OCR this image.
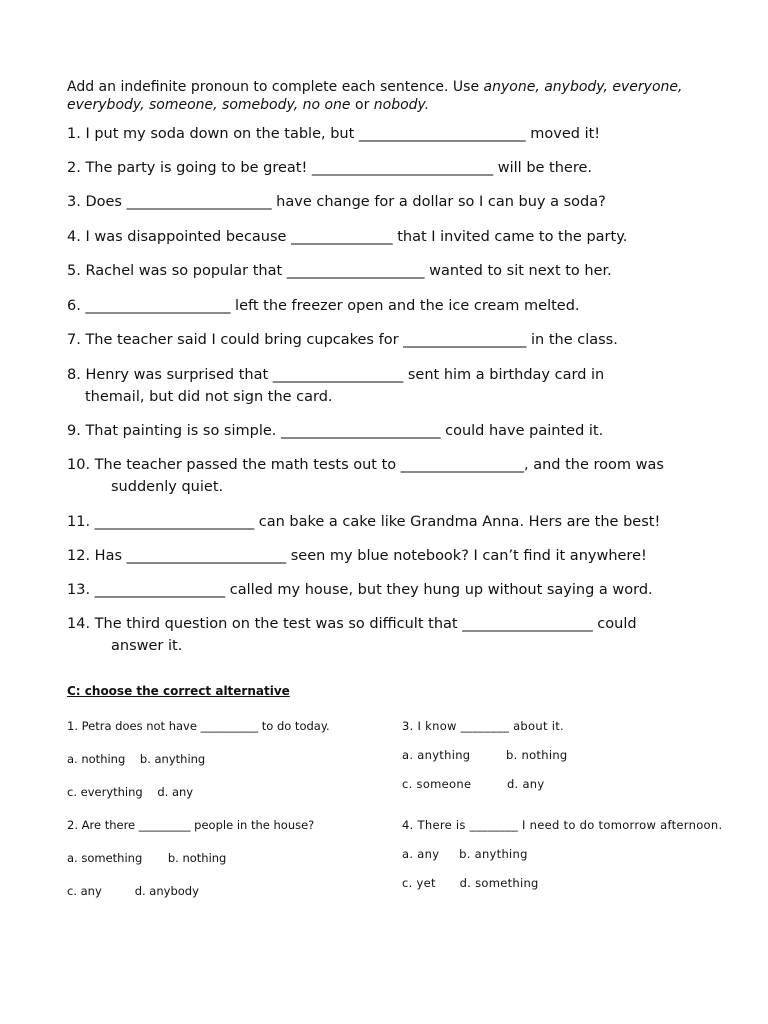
Add an indefinite pronoun to complete each sentence. Use anyone, anybody, everyone, everybody, someone, somebody, no one or nobody.
1. I put my soda down on the table, but _______________________ moved it!
2. The party is going to be great! _________________________ will be there.
3. Does ____________________ have change for a dollar so I can buy a soda?
4. I was disappointed because ______________ that I invited came to the party.
5. Rachel was so popular that ___________________ wanted to sit next to her.
6. ____________________ left the freezer open and the ice cream melted.
7. The teacher said I could bring cupcakes for _________________ in the class.
8. Henry was surprised that __________________ sent him a birthday card in
themail, but did not sign the card.
9. That painting is so simple. ______________________ could have painted it.
10. The teacher passed the math tests out to _________________, and the room was
suddenly quiet.
11. ______________________ can bake a cake like Grandma Anna. Hers are the best!
12. Has ______________________ seen my blue notebook? I can’t find it anywhere!
13. __________________ called my house, but they hung up without saying a word.
14. The third question on the test was so difficult that __________________ could
answer it.
C: choose the correct alternative
1. Petra does not have __________ to do today.
a. nothing b. anything
c. everything d. any
2. Are there _________ people in the house?
a. something b. nothing
c. any	d. anybody
3. I know ________ about it.
a. anything	b. nothing
c. someone	d. any
4. There is ________ I need to do tomorrow afternoon.
a. any b. anything
c. yet d. something
